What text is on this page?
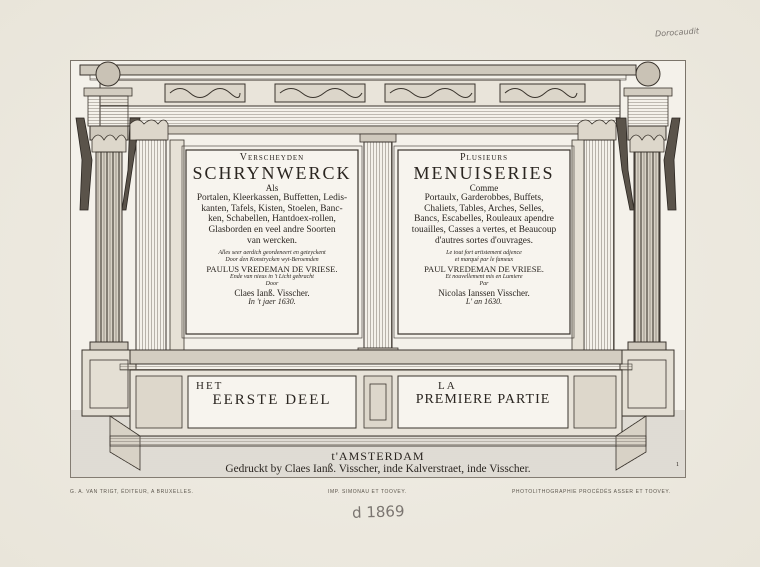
Dorocaudit
Verscheyden
SCHRYNWERCK
Als
Portalen, Kleerkassen, Buffetten, Ledis-
kanten, Tafels, Kisten, Stoelen, Banc-
ken, Schabellen, Hantdoex-rollen,
Glasborden en veel andre Soorten
van wercken.
Alles seer aerdich geordeneert en geteyckent
Door den Konstrycken wyt-Beroemden
PAULUS VREDEMAN DE VRIESE.
Ende van nieus in 't Licht gebracht
Door
Claes Ianß. Visscher.
In 't jaer 1630.
Plusieurs
MENUISERIES
Comme
Portaulx, Garderobbes, Buffets,
Chaliets, Tables, Arches, Selles,
Bancs, Escabelles, Rouleaux apendre
touailles, Casses a vertes, et Beaucoup
d'autres sortes d'ouvrages.
Le tout fort artistement adjence
et marqué par le fameux
PAUL VREDEMAN DE VRIESE.
Et nouvellement mis en Lumiere
Par
Nicolas Ianssen Visscher.
L' an 1630.
HET
EERSTE DEEL
LA
PREMIERE PARTIE
t'AMSTERDAM
Gedruckt by Claes Ianß. Visscher, inde Kalverstraet, inde Visscher.	1
G. A. VAN TRIGT, ÉDITEUR, A BRUXELLES.	IMP. SIMONAU ET TOOVEY.	PHOTOLITHOGRAPHIE PROCÉDÉS ASSER ET TOOVEY.
d 1869
